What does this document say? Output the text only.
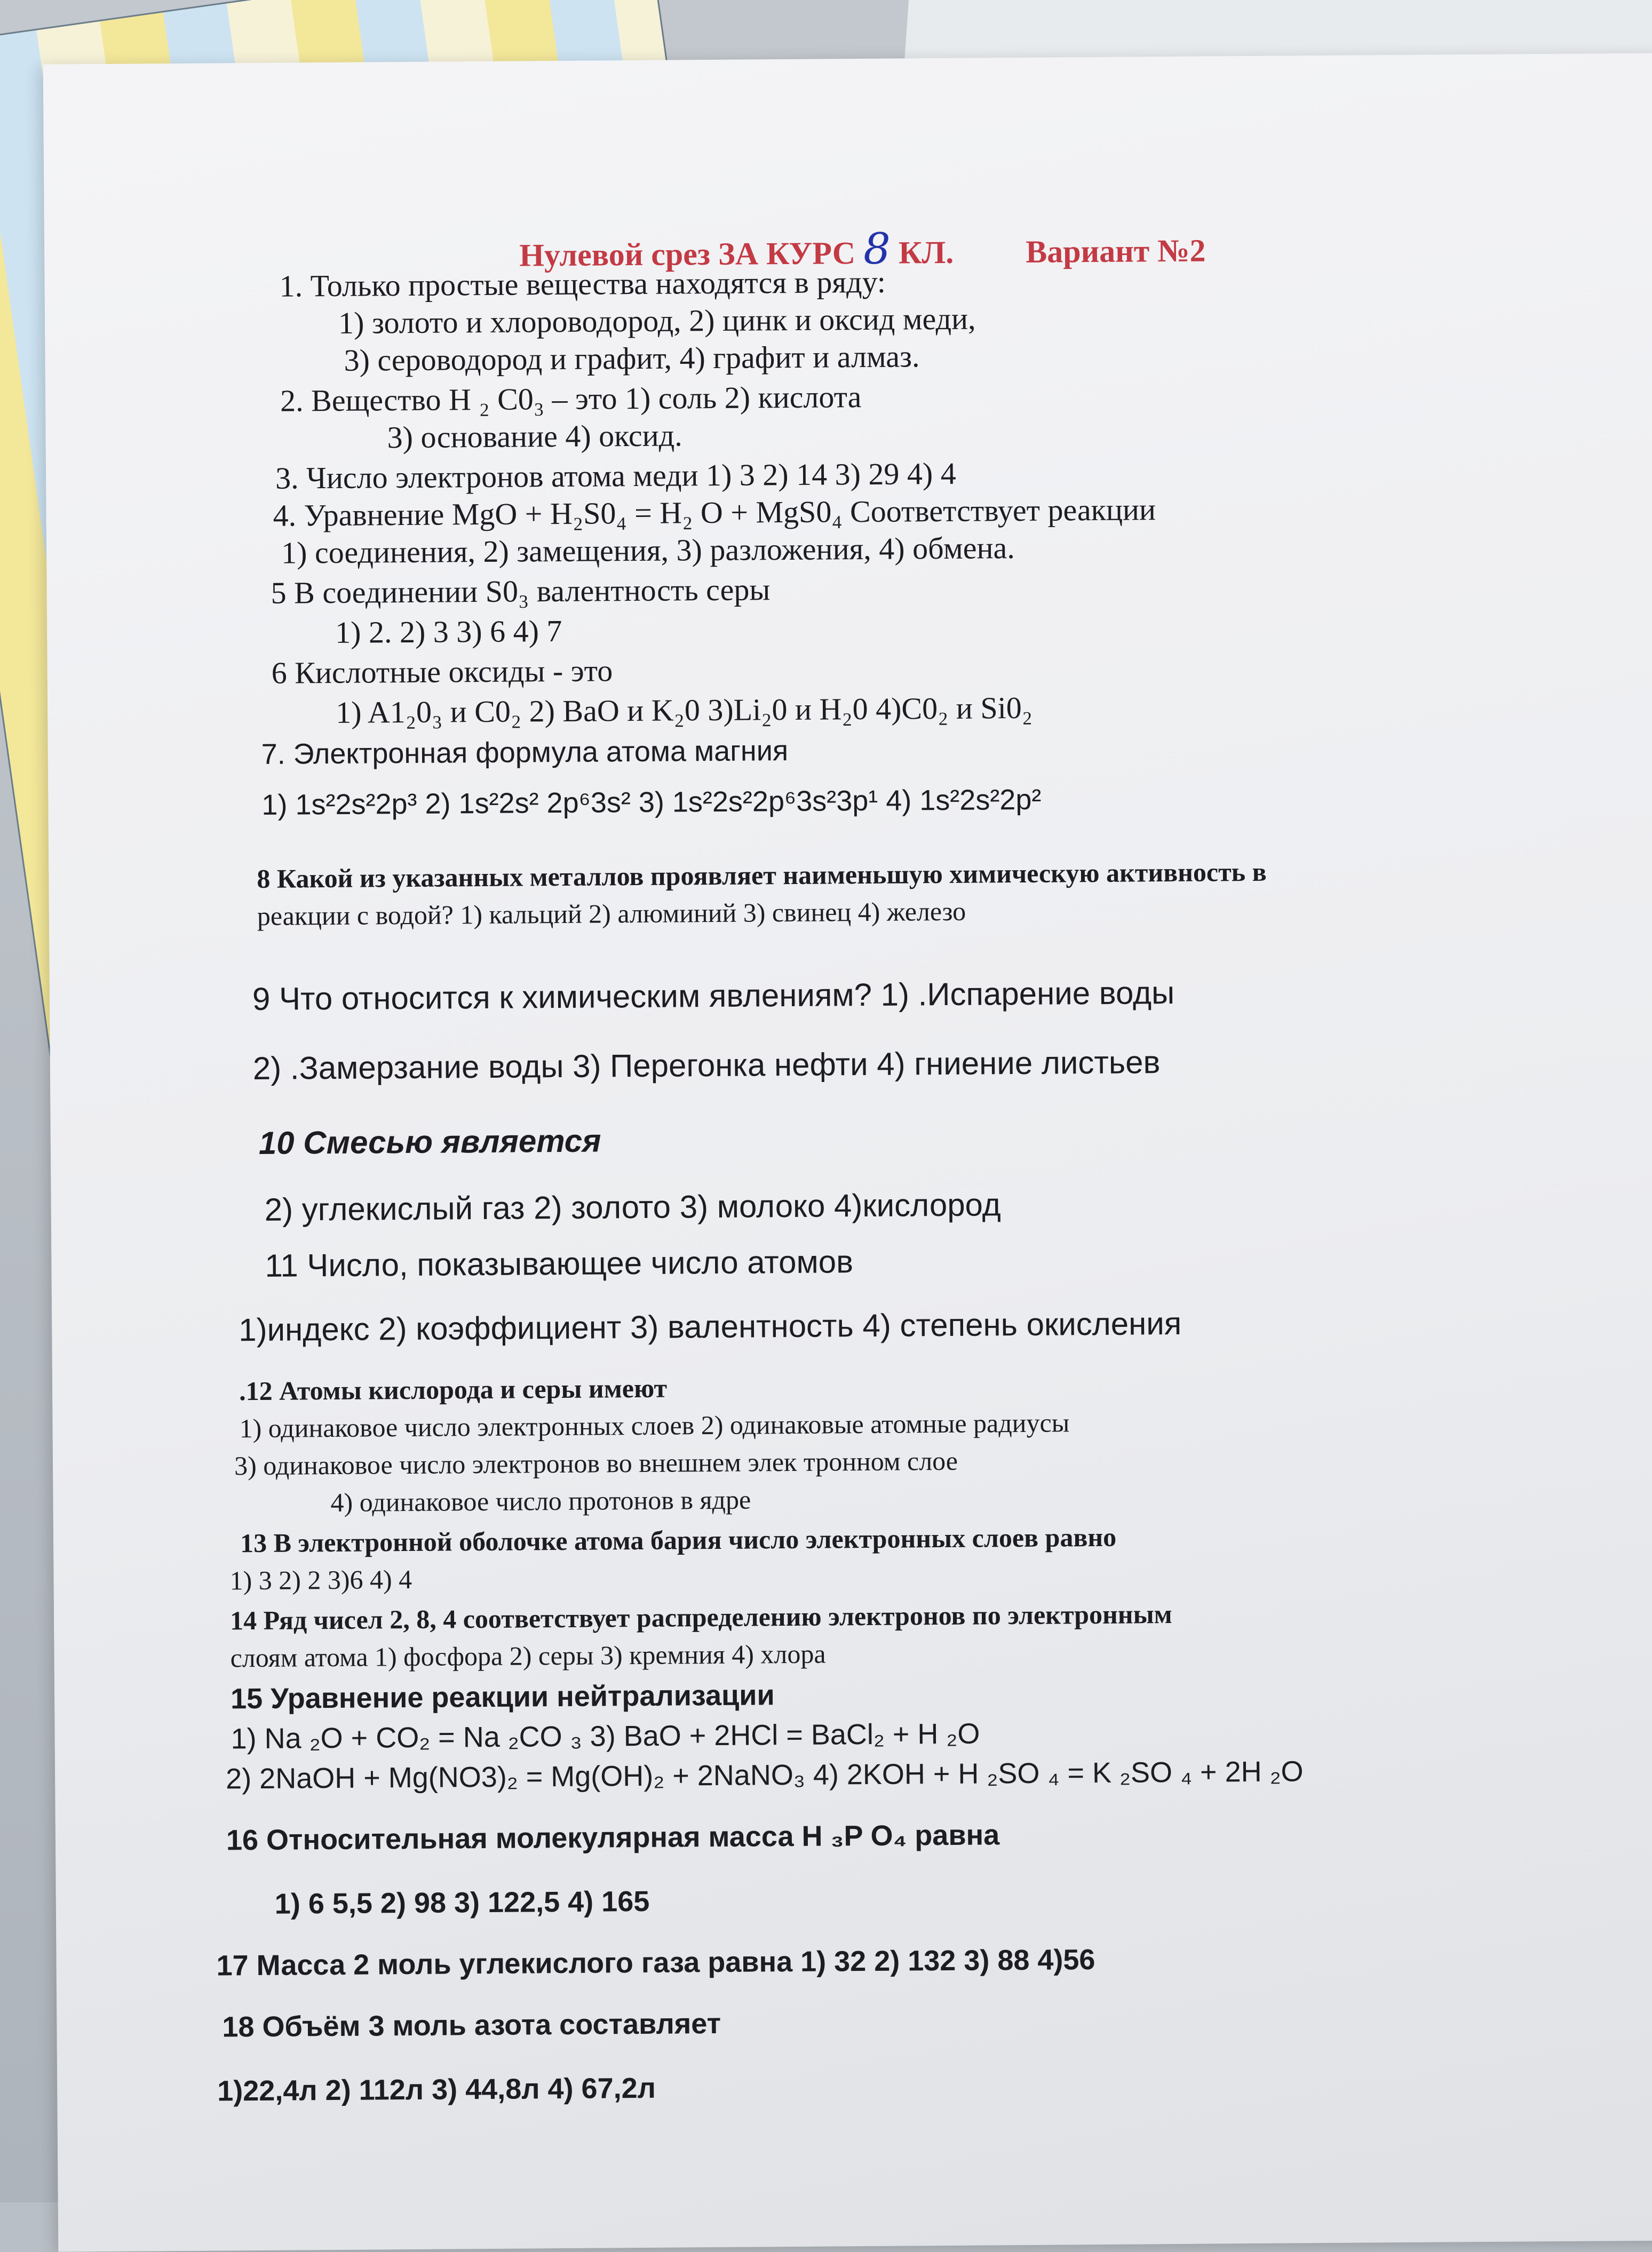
Нулевой срез ЗА КУРС 8 КЛ. Вариант №2
1. Только простые вещества находятся в ряду:
1) золото и хлороводород, 2) цинк и оксид меди,
3) сероводород и графит, 4) графит и алмаз.
2. Вещество H ₂ C0₃ – это 1) соль 2) кислота
3) основание 4) оксид.
3. Число электронов атома меди 1) 3 2) 14 3) 29 4) 4
4. Уравнение MgO + H₂S0₄ = H₂ O + MgS0₄ Соответствует реакции
1) соединения, 2) замещения, 3) разложения, 4) обмена.
5 В соединении S0₃ валентность серы
1) 2. 2) 3 3) 6 4) 7
6 Кислотные оксиды - это
1) A1₂0₃ и C0₂ 2) BaO и K₂0 3)Li₂0 и H₂0 4)C0₂ и Si0₂
7. Электронная формула атома магния
1) 1s²2s²2p³ 2) 1s²2s² 2p⁶3s² 3) 1s²2s²2p⁶3s²3p¹ 4) 1s²2s²2p²
8 Какой из указанных металлов проявляет наименьшую химическую активность в
реакции с водой? 1) кальций 2) алюминий 3) свинец 4) железо
9 Что относится к химическим явлениям? 1) .Испарение воды
2) .Замерзание воды 3) Перегонка нефти 4) гниение листьев
10 Смесью является
2) углекислый газ 2) золото 3) молоко 4)кислород
11 Число, показывающее число атомов
1)индекс 2) коэффициент 3) валентность 4) степень окисления
.12 Атомы кислорода и серы имеют
1) одинаковое число электронных слоев 2) одинаковые атомные радиусы
3) одинаковое число электронов во внешнем элек тронном слое
4) одинаковое число протонов в ядре
13 В электронной оболочке атома бария число электронных слоев равно
1) 3 2) 2 3)6 4) 4
14 Ряд чисел 2, 8, 4 соответствует распределению электронов по электронным
слоям атома 1) фосфора 2) серы 3) кремния 4) хлора
15 Уравнение реакции нейтрализации
1) Na ₂O + CO₂ = Na ₂CO ₃ 3) BaO + 2HCl = BaCl₂ + H ₂O
2) 2NaOH + Mg(NO3)₂ = Mg(OH)₂ + 2NaNO₃ 4) 2KOH + H ₂SO ₄ = K ₂SO ₄ + 2H ₂O
16 Относительная молекулярная масса H ₃P O₄ равна
1) 6 5,5 2) 98 3) 122,5 4) 165
17 Масса 2 моль углекислого газа равна 1) 32 2) 132 3) 88 4)56
18 Объём 3 моль азота составляет
1)22,4л 2) 112л 3) 44,8л 4) 67,2л
